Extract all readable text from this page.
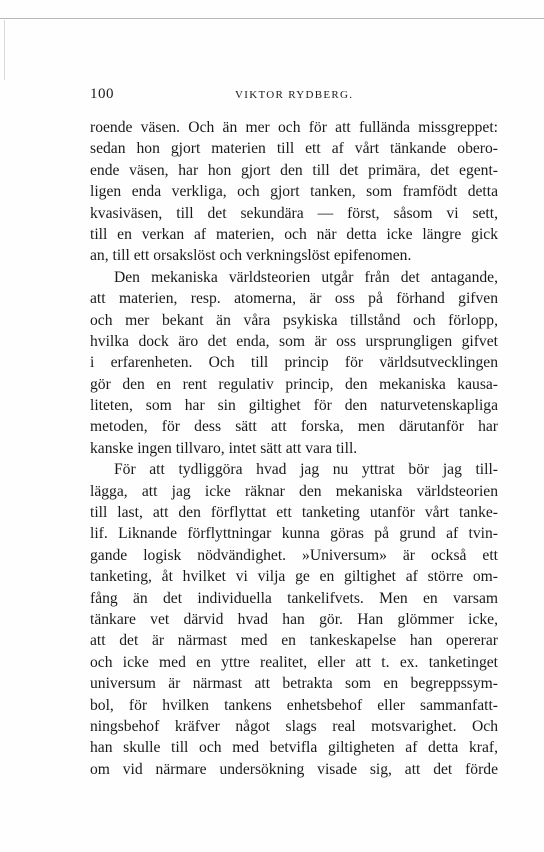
100	VIKTOR RYDBERG.
roende väsen. Och än mer och för att fullända missgreppet:
sedan hon gjort materien till ett af vårt tänkande obero-
ende väsen, har hon gjort den till det primära, det egent-
ligen enda verkliga, och gjort tanken, som framfödt detta
kvasiväsen, till det sekundära — först, såsom vi sett,
till en verkan af materien, och när detta icke längre gick
an, till ett orsakslöst och verkningslöst epifenomen.
Den mekaniska världsteorien utgår från det antagande,
att materien, resp. atomerna, är oss på förhand gifven
och mer bekant än våra psykiska tillstånd och förlopp,
hvilka dock äro det enda, som är oss ursprungligen gifvet
i erfarenheten. Och till princip för världsutvecklingen
gör den en rent regulativ princip, den mekaniska kausa-
liteten, som har sin giltighet för den naturvetenskapliga
metoden, för dess sätt att forska, men därutanför har
kanske ingen tillvaro, intet sätt att vara till.
För att tydliggöra hvad jag nu yttrat bör jag till-
lägga, att jag icke räknar den mekaniska världsteorien
till last, att den förflyttat ett tanketing utanför vårt tanke-
lif. Liknande förflyttningar kunna göras på grund af tvin-
gande logisk nödvändighet. »Universum» är också ett
tanketing, åt hvilket vi vilja ge en giltighet af större om-
fång än det individuella tankelifvets. Men en varsam
tänkare vet därvid hvad han gör. Han glömmer icke,
att det är närmast med en tankeskapelse han opererar
och icke med en yttre realitet, eller att t. ex. tanketinget
universum är närmast att betrakta som en begreppssym-
bol, för hvilken tankens enhetsbehof eller sammanfatt-
ningsbehof kräfver något slags real motsvarighet. Och
han skulle till och med betvifla giltigheten af detta kraf,
om vid närmare undersökning visade sig, att det förde
